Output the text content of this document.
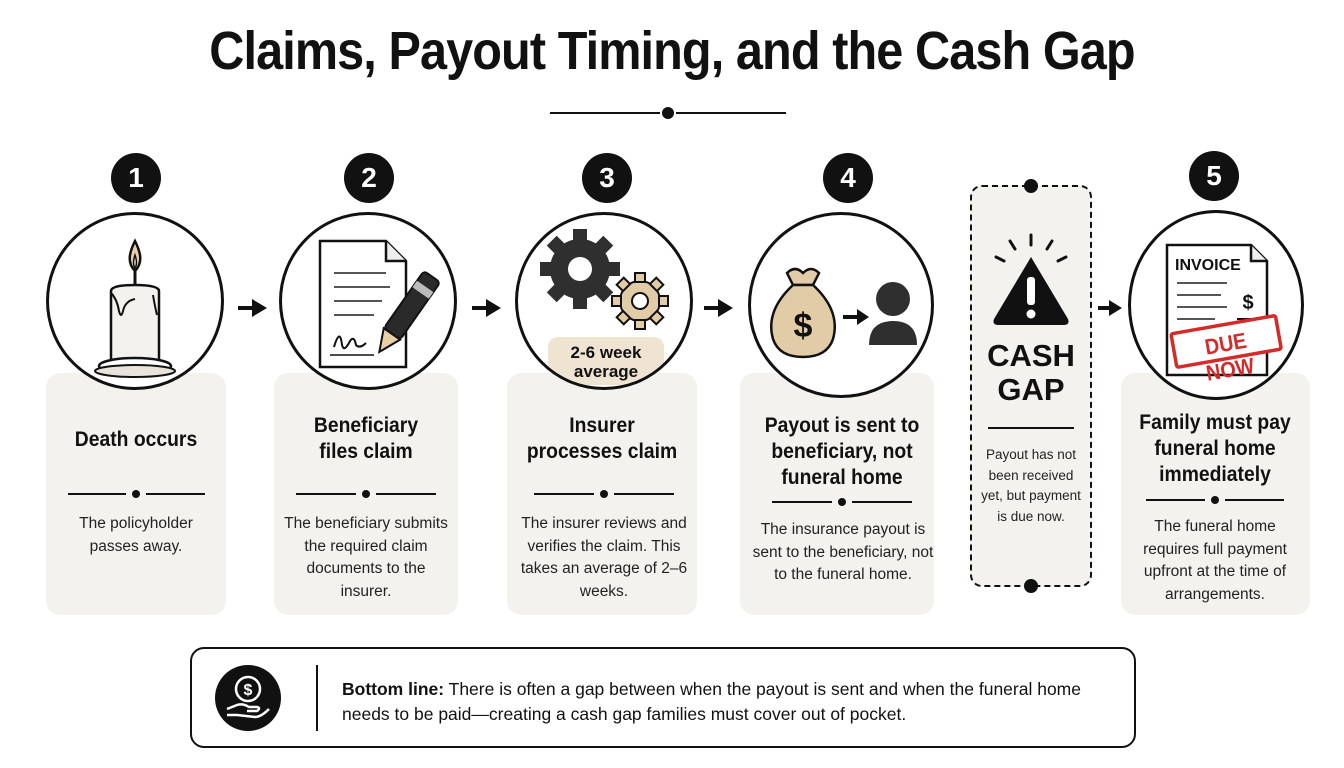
Claims, Payout Timing, and the Cash Gap
1
Death occurs
The policyholder passes away.
2
Beneficiary files claim
The beneficiary submits the required claim documents to the insurer.
2-6 week average
3
Insurer processes claim
The insurer reviews and verifies the claim. This takes an average of 2–6 weeks.
$
4
Payout is sent to beneficiary, not funeral home
The insurance payout is sent to the beneficiary, not to the funeral home.
CASH GAP
Payout has not been received yet, but payment is due now.
$
INVOICE
DUE NOW
5
Family must pay funeral home immediately
The funeral home requires full payment upfront at the time of arrangements.
$	Bottom line: There is often a gap between when the payout is sent and when the funeral home needs to be paid—creating a cash gap families must cover out of pocket.
